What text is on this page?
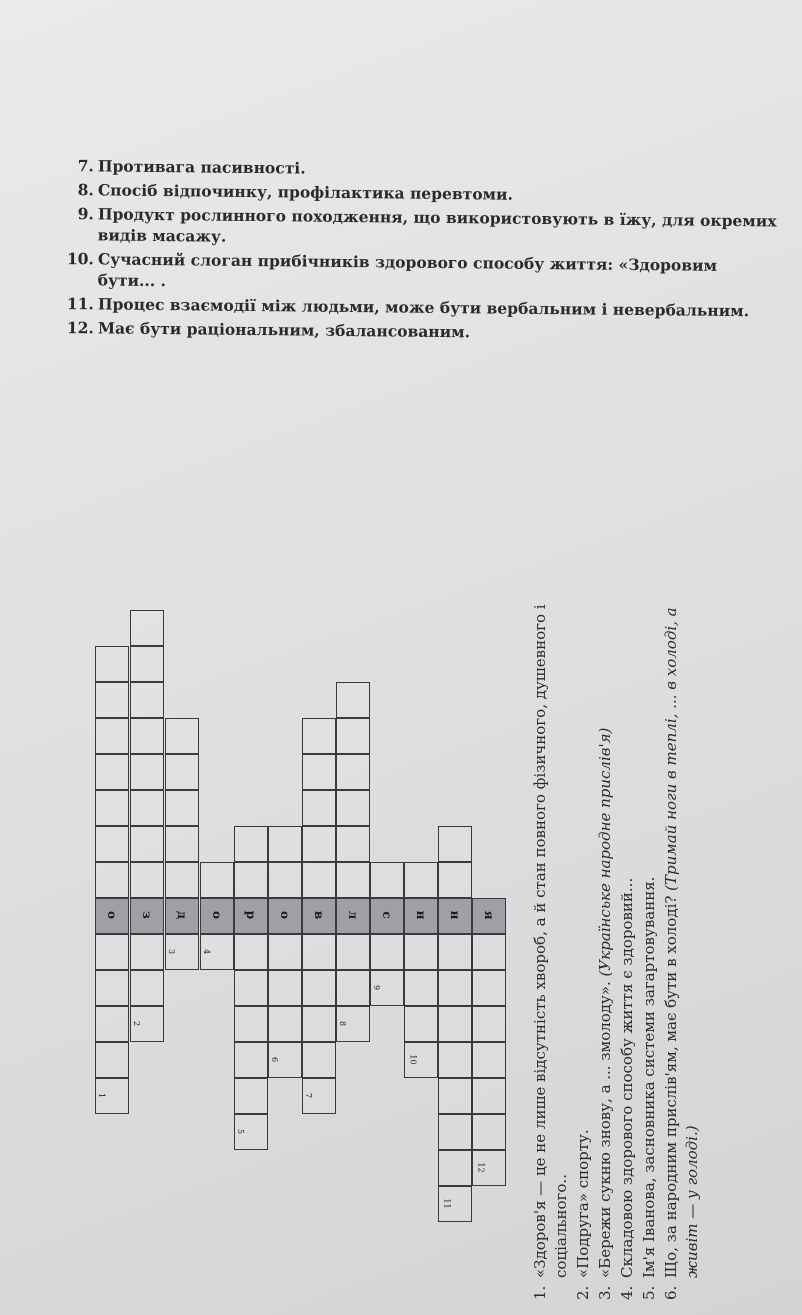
7. Противага пасивності.
8. Спосіб відпочинку, профілактика перевтоми.
9. Продукт рослинного походження, що використовують в їжу, для окремих видів масажу.
10. Сучасний слоган прибічників здорового способу життя: «Здоровим бути... .
11. Процес взаємодії між людьми, може бути вербальним і невербальним.
12. Має бути раціональним, збалансованим.
о
1
з
2
д
3
о
4
р
5
о
6
в
7
л
8
с
9
н
10
н
11
я
12
1.
«Здоров'я — це не лише відсутність хвороб, а й стан повного фізичного, душевного і соціального..
2.
«Подруга» спорту.
3.
«Бережи сукню знову, а ... змолоду». (Українське народне прислів'я)
4.
Складовою здорового способу життя є здоровий...
5.
Ім'я Іванова, засновника системи загартовування.
6.
Що, за народним прислів'ям, має бути в холоді? (Тримай ноги в теплі, ... в холоді, а живіт — у голоді.)
